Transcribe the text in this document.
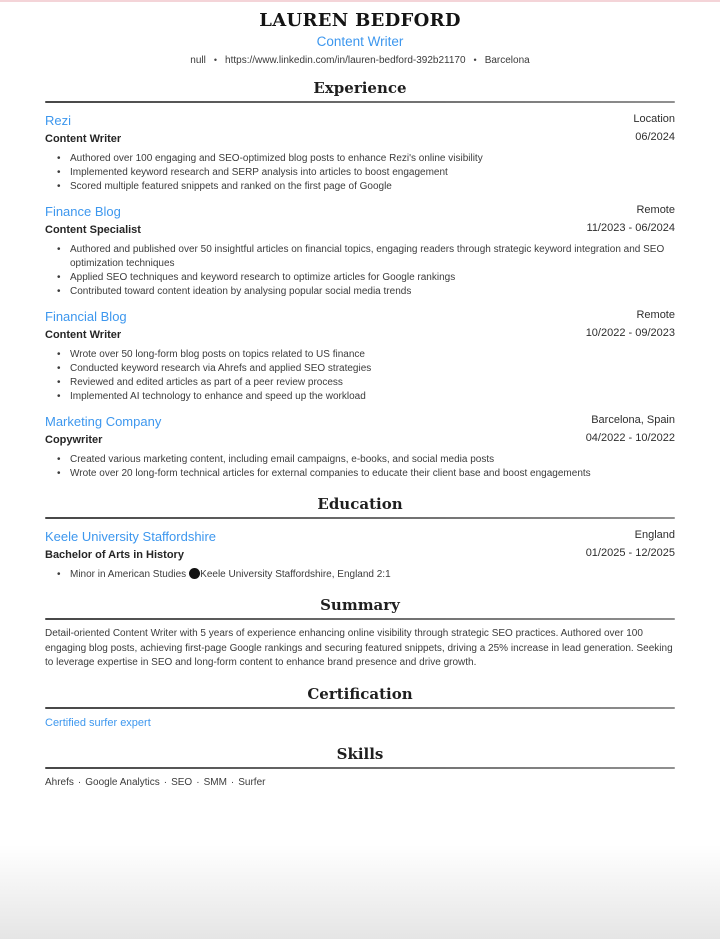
LAUREN BEDFORD
Content Writer
null • https://www.linkedin.com/in/lauren-bedford-392b21170 • Barcelona
Experience
Rezi
Content Writer
Location
06/2024
• Authored over 100 engaging and SEO-optimized blog posts to enhance Rezi's online visibility
• Implemented keyword research and SERP analysis into articles to boost engagement
• Scored multiple featured snippets and ranked on the first page of Google
Finance Blog
Content Specialist
Remote
11/2023 - 06/2024
• Authored and published over 50 insightful articles on financial topics, engaging readers through strategic keyword integration and SEO optimization techniques
• Applied SEO techniques and keyword research to optimize articles for Google rankings
• Contributed toward content ideation by analysing popular social media trends
Financial Blog
Content Writer
Remote
10/2022 - 09/2023
• Wrote over 50 long-form blog posts on topics related to US finance
• Conducted keyword research via Ahrefs and applied SEO strategies
• Reviewed and edited articles as part of a peer review process
• Implemented AI technology to enhance and speed up the workload
Marketing Company
Copywriter
Barcelona, Spain
04/2022 - 10/2022
• Created various marketing content, including email campaigns, e-books, and social media posts
• Wrote over 20 long-form technical articles for external companies to educate their client base and boost engagements
Education
Keele University Staffordshire
Bachelor of Arts in History
England
01/2025 - 12/2025
• Minor in American Studies Keele University Staffordshire, England 2:1
Summary

Detail-oriented Content Writer with 5 years of experience enhancing online visibility through strategic SEO practices. Authored over 100 engaging blog posts, achieving first-page Google rankings and securing featured snippets, driving a 25% increase in lead generation. Seeking to leverage expertise in SEO and long-form content to enhance brand presence and drive growth.

Certification
Certified surfer expert
Skills
Ahrefs · Google Analytics · SEO · SMM · Surfer
